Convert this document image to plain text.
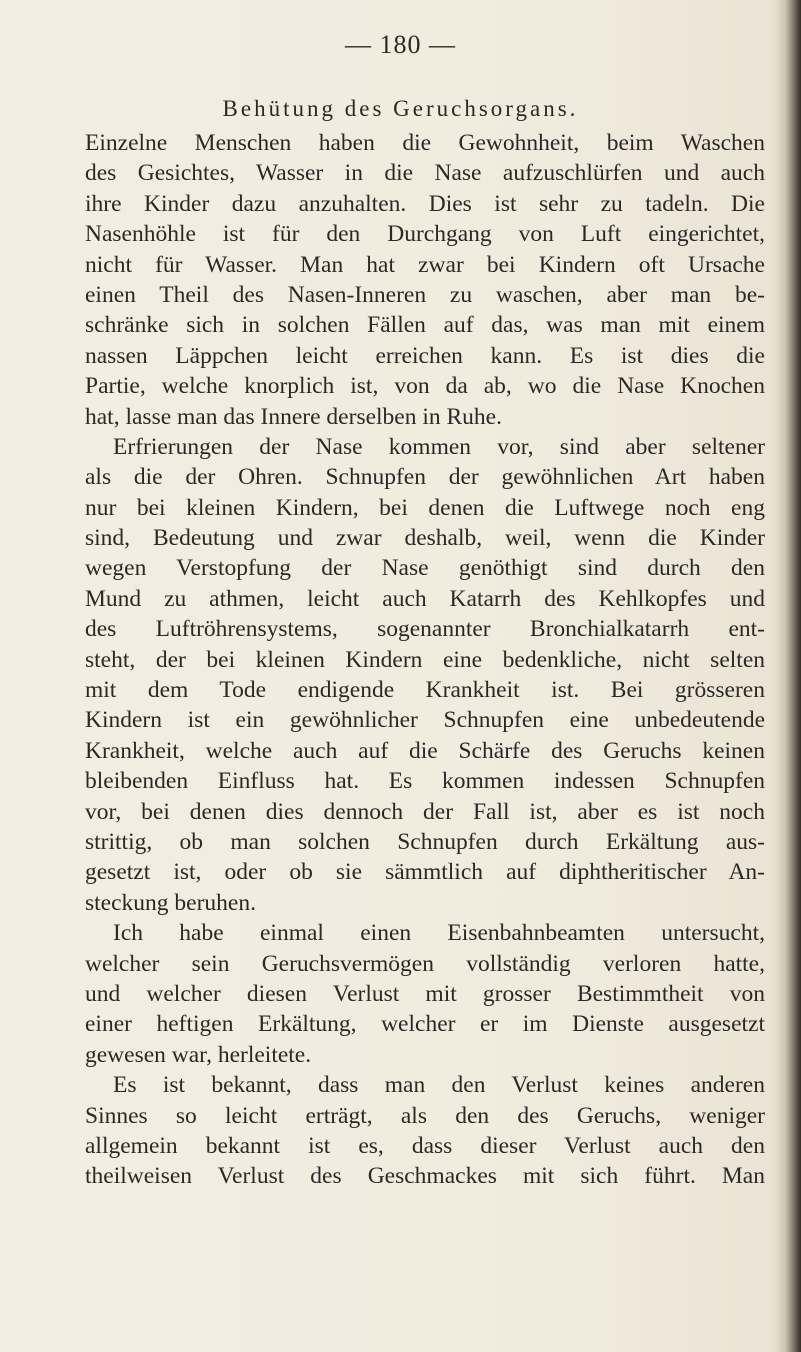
— 180 —
Behütung des Geruchsorgans.
Einzelne Menschen haben die Gewohnheit, beim Waschen
des Gesichtes, Wasser in die Nase aufzuschlürfen und auch
ihre Kinder dazu anzuhalten. Dies ist sehr zu tadeln. Die
Nasenhöhle ist für den Durchgang von Luft eingerichtet,
nicht für Wasser. Man hat zwar bei Kindern oft Ursache
einen Theil des Nasen-Inneren zu waschen, aber man be-
schränke sich in solchen Fällen auf das, was man mit einem
nassen Läppchen leicht erreichen kann. Es ist dies die
Partie, welche knorplich ist, von da ab, wo die Nase Knochen
hat, lasse man das Innere derselben in Ruhe.
Erfrierungen der Nase kommen vor, sind aber seltener
als die der Ohren. Schnupfen der gewöhnlichen Art haben
nur bei kleinen Kindern, bei denen die Luftwege noch eng
sind, Bedeutung und zwar deshalb, weil, wenn die Kinder
wegen Verstopfung der Nase genöthigt sind durch den
Mund zu athmen, leicht auch Katarrh des Kehlkopfes und
des Luftröhrensystems, sogenannter Bronchialkatarrh ent-
steht, der bei kleinen Kindern eine bedenkliche, nicht selten
mit dem Tode endigende Krankheit ist. Bei grösseren
Kindern ist ein gewöhnlicher Schnupfen eine unbedeutende
Krankheit, welche auch auf die Schärfe des Geruchs keinen
bleibenden Einfluss hat. Es kommen indessen Schnupfen
vor, bei denen dies dennoch der Fall ist, aber es ist noch
strittig, ob man solchen Schnupfen durch Erkältung aus-
gesetzt ist, oder ob sie sämmtlich auf diphtheritischer An-
steckung beruhen.
Ich habe einmal einen Eisenbahnbeamten untersucht,
welcher sein Geruchsvermögen vollständig verloren hatte,
und welcher diesen Verlust mit grosser Bestimmtheit von
einer heftigen Erkältung, welcher er im Dienste ausgesetzt
gewesen war, herleitete.
Es ist bekannt, dass man den Verlust keines anderen
Sinnes so leicht erträgt, als den des Geruchs, weniger
allgemein bekannt ist es, dass dieser Verlust auch den
theilweisen Verlust des Geschmackes mit sich führt. Man
